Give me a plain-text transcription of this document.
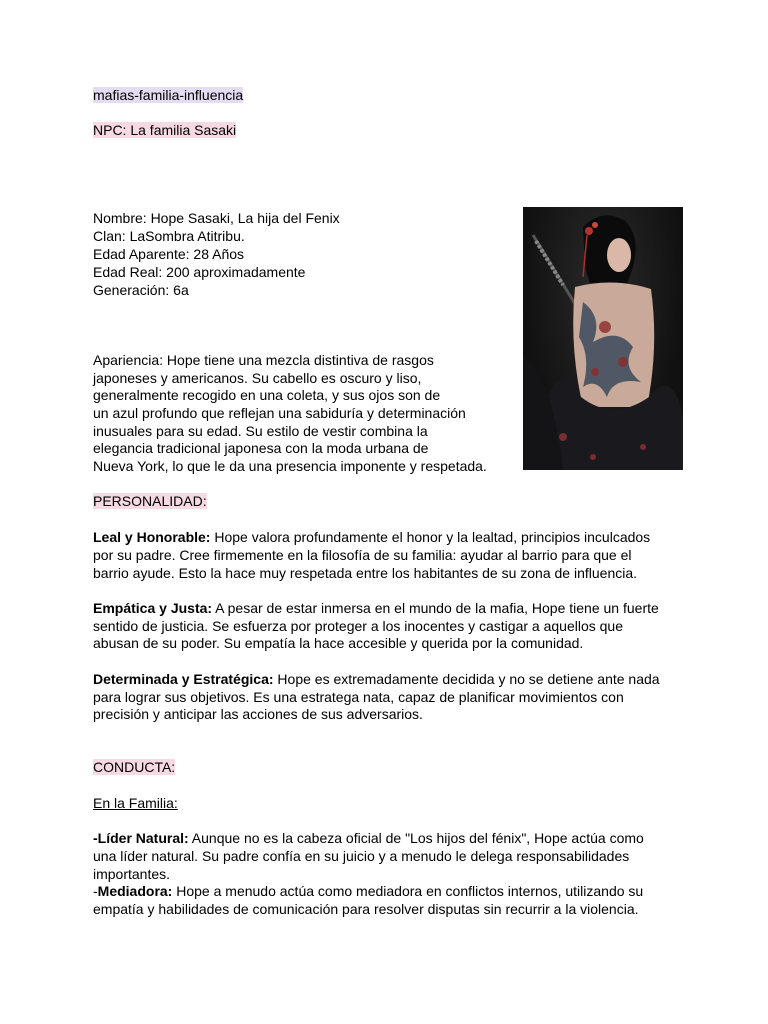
mafias-familia-influencia
NPC: La familia Sasaki
Nombre: Hope Sasaki, La hija del Fenix
Clan: LaSombra Atitribu.
Edad Aparente: 28 Años
Edad Real: 200 aproximadamente
Generación: 6a
Apariencia: Hope tiene una mezcla distintiva de rasgos
japoneses y americanos. Su cabello es oscuro y liso,
generalmente recogido en una coleta, y sus ojos son de
un azul profundo que reflejan una sabiduría y determinación
inusuales para su edad. Su estilo de vestir combina la
elegancia tradicional japonesa con la moda urbana de
Nueva York, lo que le da una presencia imponente y respetada.
PERSONALIDAD:
Leal y Honorable: Hope valora profundamente el honor y la lealtad, principios inculcados
por su padre. Cree firmemente en la filosofía de su familia: ayudar al barrio para que el
barrio ayude. Esto la hace muy respetada entre los habitantes de su zona de influencia.
Empática y Justa: A pesar de estar inmersa en el mundo de la mafia, Hope tiene un fuerte
sentido de justicia. Se esfuerza por proteger a los inocentes y castigar a aquellos que
abusan de su poder. Su empatía la hace accesible y querida por la comunidad.
Determinada y Estratégica: Hope es extremadamente decidida y no se detiene ante nada
para lograr sus objetivos. Es una estratega nata, capaz de planificar movimientos con
precisión y anticipar las acciones de sus adversarios.
CONDUCTA:
En la Familia:
-Líder Natural: Aunque no es la cabeza oficial de "Los hijos del fénix", Hope actúa como
una líder natural. Su padre confía en su juicio y a menudo le delega responsabilidades
importantes.
-Mediadora: Hope a menudo actúa como mediadora en conflictos internos, utilizando su
empatía y habilidades de comunicación para resolver disputas sin recurrir a la violencia.
